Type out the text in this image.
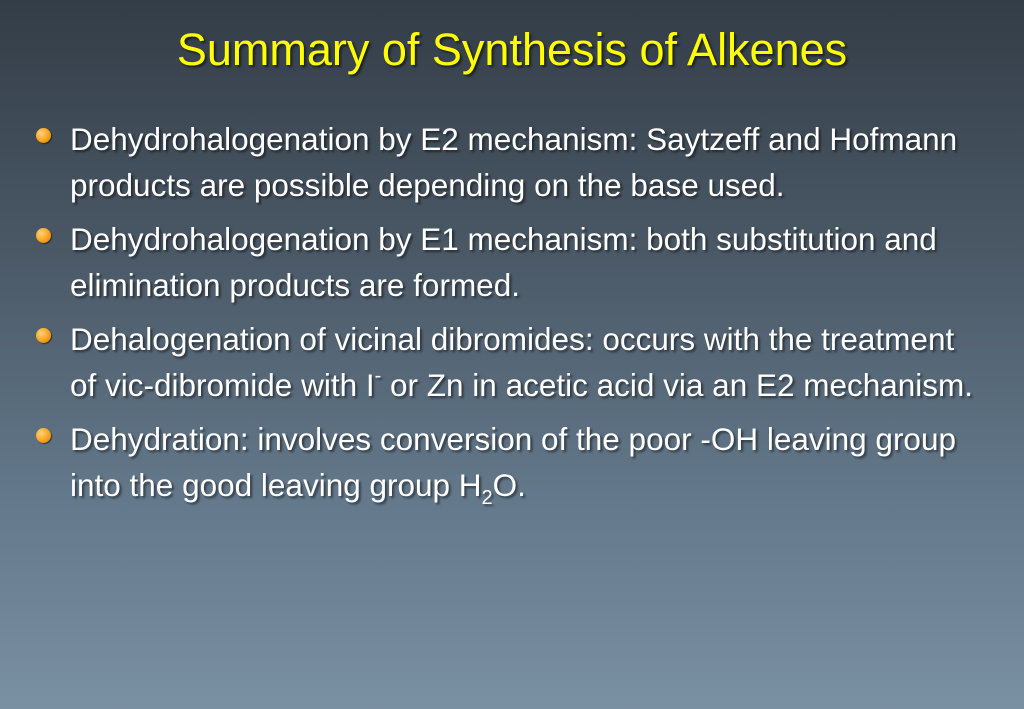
Summary of Synthesis of Alkenes
Dehydrohalogenation by E2 mechanism: Saytzeff and Hofmann products are possible depending on the base used.
Dehydrohalogenation by E1 mechanism: both substitution and elimination products are formed.
Dehalogenation of vicinal dibromides: occurs with the treatment of vic-dibromide with I- or Zn in acetic acid via an E2 mechanism.
Dehydration: involves conversion of the poor -OH leaving group into the good leaving group $H_2O$.
